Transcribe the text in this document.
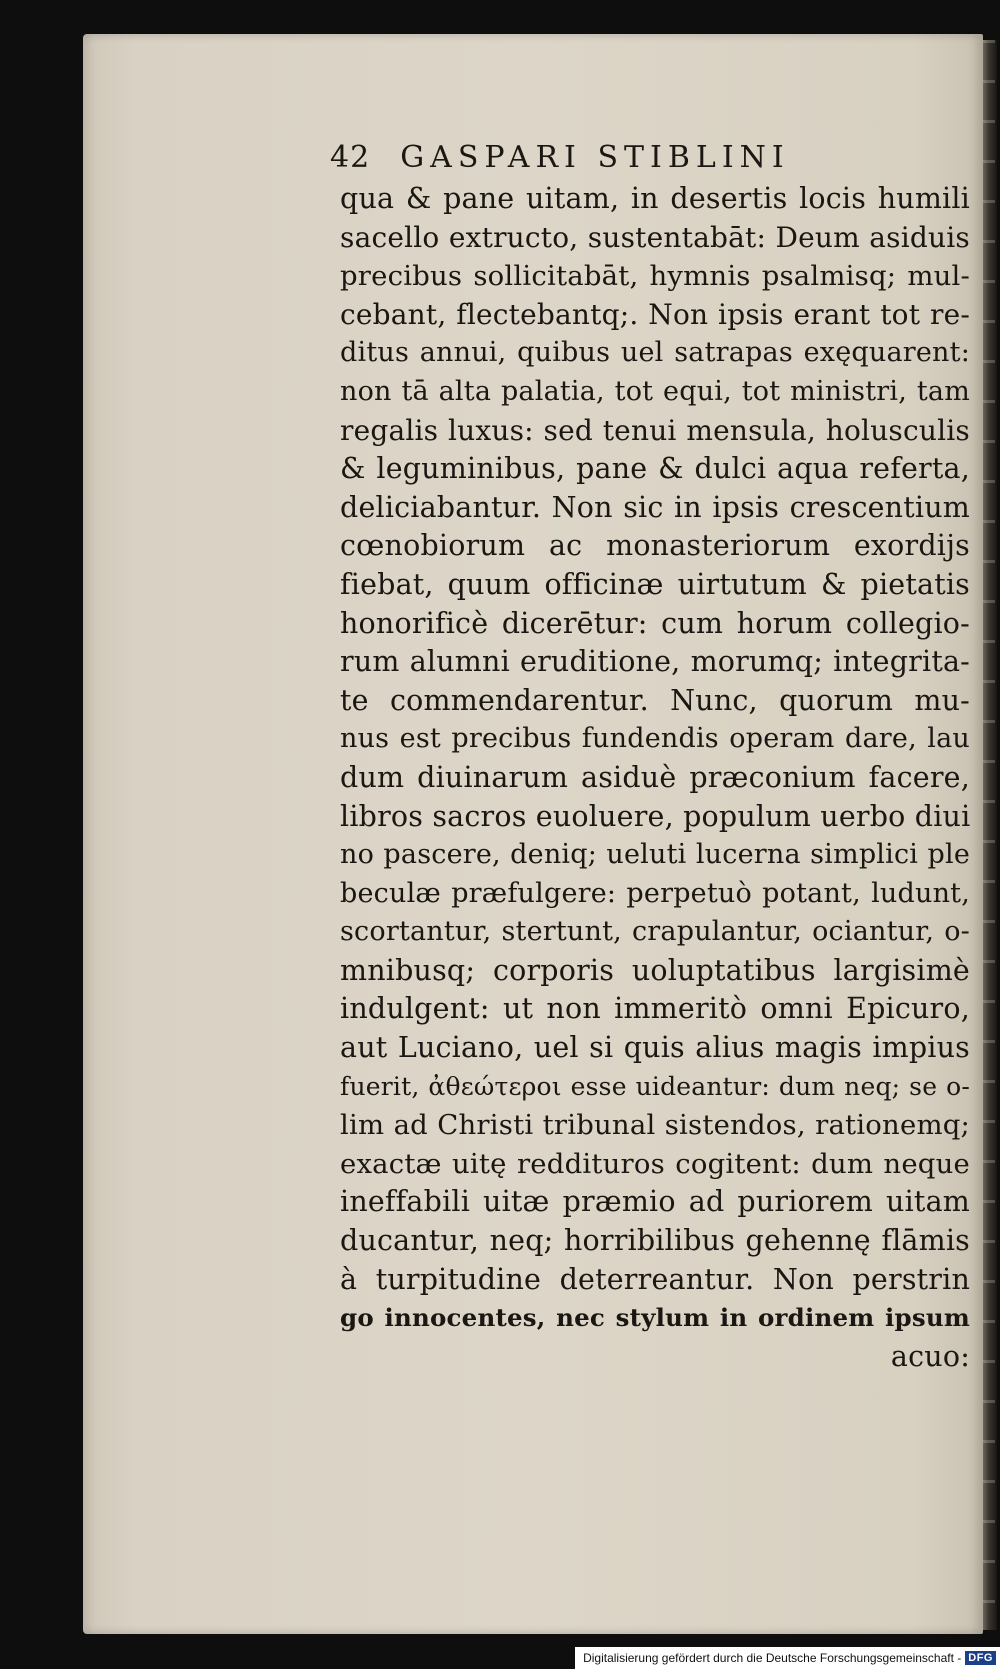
42 GASPARI STIBLINI
qua & pane uitam, in desertis locis humili
sacello extructo, sustentabāt: Deum asiduis
precibus sollicitabāt, hymnis psalmisq; mul-
cebant, flectebantq;. Non ipsis erant tot re-
ditus annui, quibus uel satrapas exęquarent:
non tā alta palatia, tot equi, tot ministri, tam
regalis luxus: sed tenui mensula, holusculis
& leguminibus, pane & dulci aqua referta,
deliciabantur. Non sic in ipsis crescentium
cœnobiorum ac monasteriorum exordijs
fiebat, quum officinæ uirtutum & pietatis
honorificè dicerētur: cum horum collegio-
rum alumni eruditione, morumq; integrita-
te commendarentur. Nunc, quorum mu-
nus est precibus fundendis operam dare, lau
dum diuinarum asiduè præconium facere,
libros sacros euoluere, populum uerbo diui
no pascere, deniq; ueluti lucerna simplici ple
beculæ præfulgere: perpetuò potant, ludunt,
scortantur, stertunt, crapulantur, ociantur, o-
mnibusq; corporis uoluptatibus largisimè
indulgent: ut non immeritò omni Epicuro,
aut Luciano, uel si quis alius magis impius
fuerit, ἀθεώτεροι esse uideantur: dum neq; se o-
lim ad Christi tribunal sistendos, rationemq;
exactæ uitę reddituros cogitent: dum neque
ineffabili uitæ præmio ad puriorem uitam
ducantur, neq; horribilibus gehennę flāmis
à turpitudine deterreantur. Non perstrin
go innocentes, nec stylum in ordinem ipsum
acuo:
Digitalisierung gefördert durch die Deutsche Forschungsgemeinschaft - DFG
